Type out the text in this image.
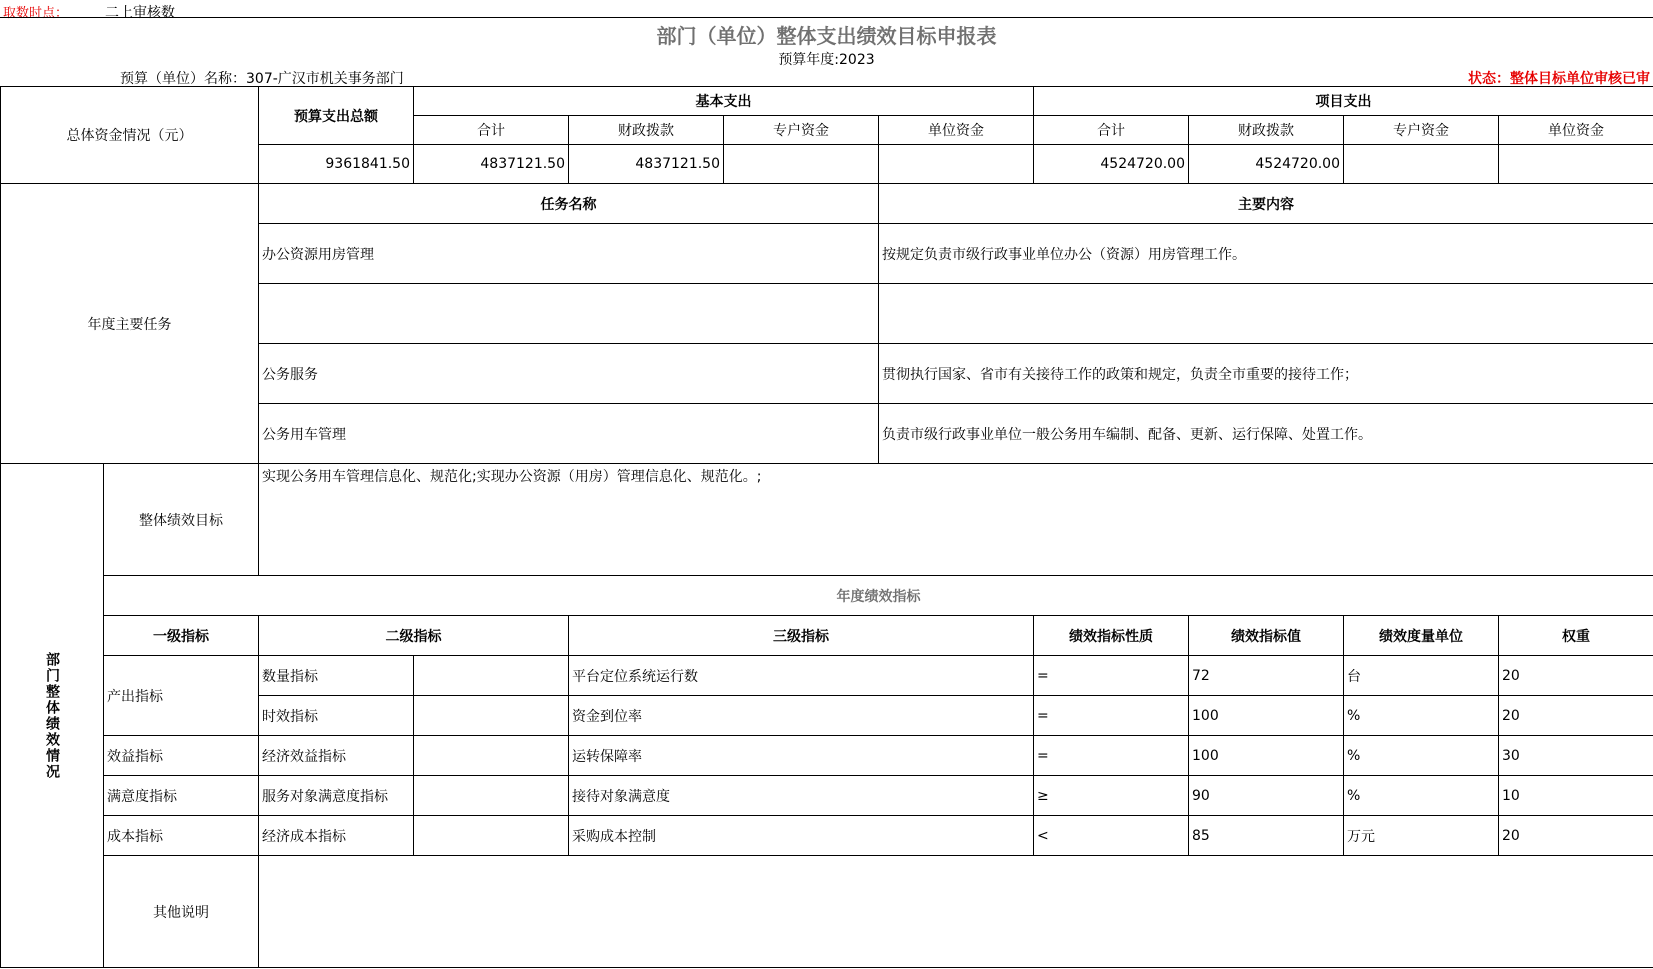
取数时点：	二上审核数
部门（单位）整体支出绩效目标申报表
预算年度:2023
预算（单位）名称：307-广汉市机关事务部门	状态：整体目标单位审核已审
总体资金情况（元）		预算支出总额	基本支出				项目支出			
			合计	财政拨款	专户资金	单位资金	合计	财政拨款	专户资金	单位资金
		9361841.50	4837121.50	4837121.50			4524720.00	4524720.00		
年度主要任务		任务名称				主要内容				
		办公资源用房管理				按规定负责市级行政事业单位办公（资源）用房管理工作。				

		公务服务				贯彻执行国家、省市有关接待工作的政策和规定，负责全市重要的接待工作；				
		公务用车管理				负责市级行政事业单位一般公务用车编制、配备、更新、运行保障、处置工作。				

部门整体绩效情况	整体绩效目标	实现公务用车管理信息化、规范化;实现办公资源（用房）管理信息化、规范化。;								
	年度绩效指标									
	一级指标	二级指标		三级指标			绩效指标性质	绩效指标值	绩效度量单位	权重
	产出指标	数量指标		平台定位系统运行数			=	72	台	20
		时效指标		资金到位率			=	100	%	20
	效益指标	经济效益指标		运转保障率			=	100	%	30
	满意度指标	服务对象满意度指标		接待对象满意度			≥	90	%	10
	成本指标	经济成本指标		采购成本控制			<	85	万元	20
	其他说明									
